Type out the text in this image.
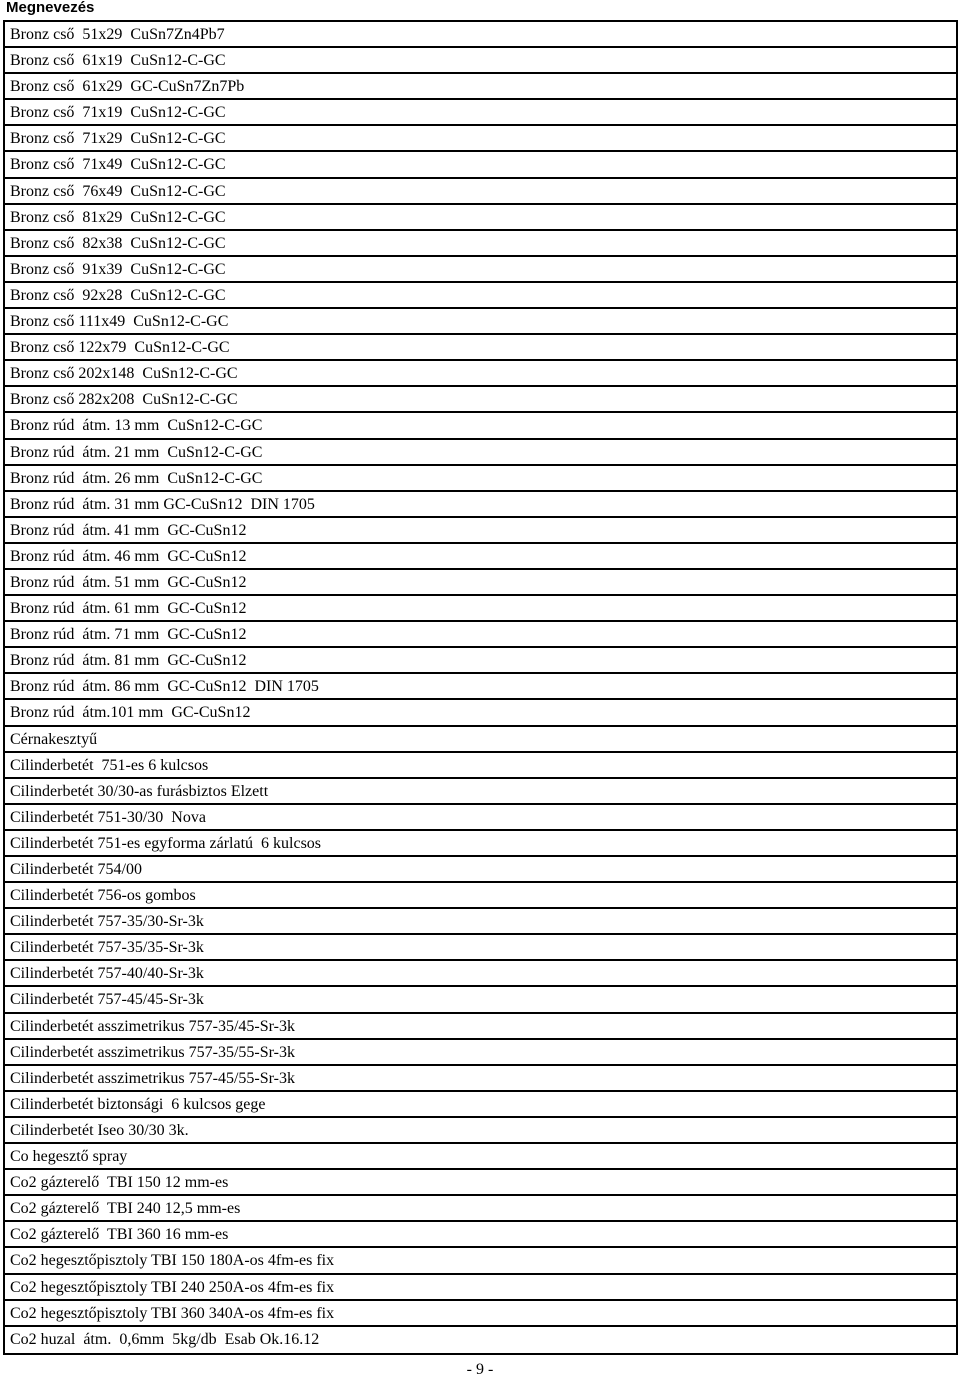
Megnevezés
Bronz cső  51x29  CuSn7Zn4Pb7
Bronz cső  61x19  CuSn12-C-GC
Bronz cső  61x29  GC-CuSn7Zn7Pb
Bronz cső  71x19  CuSn12-C-GC
Bronz cső  71x29  CuSn12-C-GC
Bronz cső  71x49  CuSn12-C-GC
Bronz cső  76x49  CuSn12-C-GC
Bronz cső  81x29  CuSn12-C-GC
Bronz cső  82x38  CuSn12-C-GC
Bronz cső  91x39  CuSn12-C-GC
Bronz cső  92x28  CuSn12-C-GC
Bronz cső 111x49  CuSn12-C-GC
Bronz cső 122x79  CuSn12-C-GC
Bronz cső 202x148  CuSn12-C-GC
Bronz cső 282x208  CuSn12-C-GC
Bronz rúd  átm. 13 mm  CuSn12-C-GC
Bronz rúd  átm. 21 mm  CuSn12-C-GC
Bronz rúd  átm. 26 mm  CuSn12-C-GC
Bronz rúd  átm. 31 mm GC-CuSn12  DIN 1705
Bronz rúd  átm. 41 mm  GC-CuSn12
Bronz rúd  átm. 46 mm  GC-CuSn12
Bronz rúd  átm. 51 mm  GC-CuSn12
Bronz rúd  átm. 61 mm  GC-CuSn12
Bronz rúd  átm. 71 mm  GC-CuSn12
Bronz rúd  átm. 81 mm  GC-CuSn12
Bronz rúd  átm. 86 mm  GC-CuSn12  DIN 1705
Bronz rúd  átm.101 mm  GC-CuSn12
Cérnakesztyű
Cilinderbetét  751-es 6 kulcsos
Cilinderbetét 30/30-as furásbiztos Elzett
Cilinderbetét 751-30/30  Nova
Cilinderbetét 751-es egyforma zárlatú  6 kulcsos
Cilinderbetét 754/00
Cilinderbetét 756-os gombos
Cilinderbetét 757-35/30-Sr-3k
Cilinderbetét 757-35/35-Sr-3k
Cilinderbetét 757-40/40-Sr-3k
Cilinderbetét 757-45/45-Sr-3k
Cilinderbetét asszimetrikus 757-35/45-Sr-3k
Cilinderbetét asszimetrikus 757-35/55-Sr-3k
Cilinderbetét asszimetrikus 757-45/55-Sr-3k
Cilinderbetét biztonsági  6 kulcsos gege
Cilinderbetét Iseo 30/30 3k.
Co hegesztő spray
Co2 gázterelő  TBI 150 12 mm-es
Co2 gázterelő  TBI 240 12,5 mm-es
Co2 gázterelő  TBI 360 16 mm-es
Co2 hegesztőpisztoly TBI 150 180A-os 4fm-es fix
Co2 hegesztőpisztoly TBI 240 250A-os 4fm-es fix
Co2 hegesztőpisztoly TBI 360 340A-os 4fm-es fix
Co2 huzal  átm.  0,6mm  5kg/db  Esab Ok.16.12
- 9 -
